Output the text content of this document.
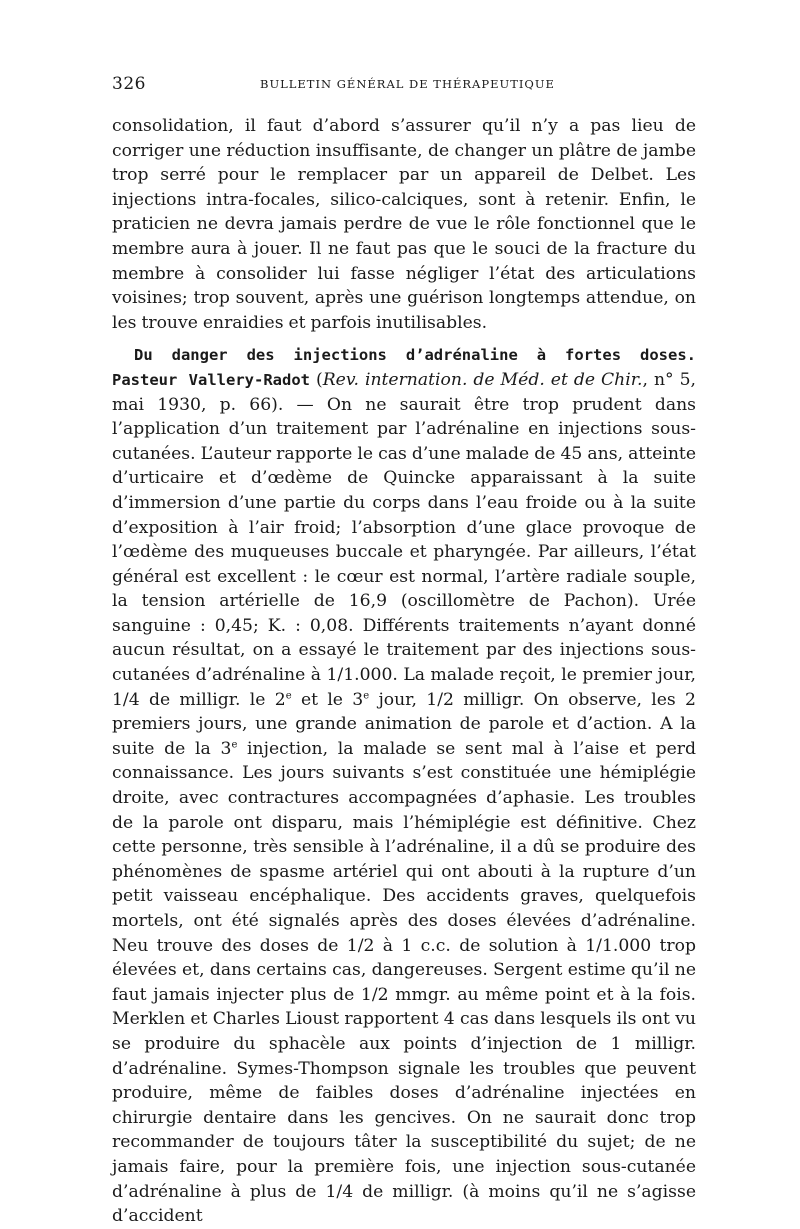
326	BULLETIN GÉNÉRAL DE THÉRAPEUTIQUE

consolidation, il faut d’abord s’assurer qu’il n’y a pas lieu de corriger une réduction insuffisante, de changer un plâtre de jambe trop serré pour le remplacer par un appareil de Delbet. Les injections intra-focales, silico-calciques, sont à retenir. Enfin, le praticien ne devra jamais perdre de vue le rôle fonctionnel que le membre aura à jouer. Il ne faut pas que le souci de la fracture du membre à consolider lui fasse négliger l’état des articulations voisines; trop souvent, après une guérison longtemps attendue, on les trouve enraidies et parfois inutilisables.

Du danger des injections d’adrénaline à fortes doses. Pasteur Vallery-Radot (Rev. internation. de Méd. et de Chir., n° 5, mai 1930, p. 66). — On ne saurait être trop prudent dans l’application d’un traitement par l’adrénaline en injections sous-cutanées. L’auteur rapporte le cas d’une malade de 45 ans, atteinte d’urticaire et d’œdème de Quincke apparaissant à la suite d’immersion d’une partie du corps dans l’eau froide ou à la suite d’exposition à l’air froid; l’absorption d’une glace provoque de l’œdème des muqueuses buccale et pharyngée. Par ailleurs, l’état général est excellent : le cœur est normal, l’artère radiale souple, la tension artérielle de 16,9 (oscillomètre de Pachon). Urée sanguine : 0,45; K. : 0,08. Différents traitements n’ayant donné aucun résultat, on a essayé le traitement par des injections sous-cutanées d’adrénaline à 1/1.000. La malade reçoit, le premier jour, 1/4 de milligr. le 2e et le 3e jour, 1/2 milligr. On observe, les 2 premiers jours, une grande animation de parole et d’action. A la suite de la 3e injection, la malade se sent mal à l’aise et perd connaissance. Les jours suivants s’est constituée une hémiplégie droite, avec contractures accompagnées d’aphasie. Les troubles de la parole ont disparu, mais l’hémiplégie est définitive. Chez cette personne, très sensible à l’adrénaline, il a dû se produire des phénomènes de spasme artériel qui ont abouti à la rupture d’un petit vaisseau encéphalique. Des accidents graves, quelquefois mortels, ont été signalés après des doses élevées d’adrénaline. Neu trouve des doses de 1/2 à 1 c.c. de solution à 1/1.000 trop élevées et, dans certains cas, dangereuses. Sergent estime qu’il ne faut jamais injecter plus de 1/2 mmgr. au même point et à la fois. Merklen et Charles Lioust rapportent 4 cas dans lesquels ils ont vu se produire du sphacèle aux points d’injection de 1 milligr. d’adrénaline. Symes-Thompson signale les troubles que peuvent produire, même de faibles doses d’adrénaline injectées en chirurgie dentaire dans les gencives. On ne saurait donc trop recommander de toujours tâter la susceptibilité du sujet; de ne jamais faire, pour la première fois, une injection sous-cutanée d’adrénaline à plus de 1/4 de milligr. (à moins qu’il ne s’agisse d’accident
